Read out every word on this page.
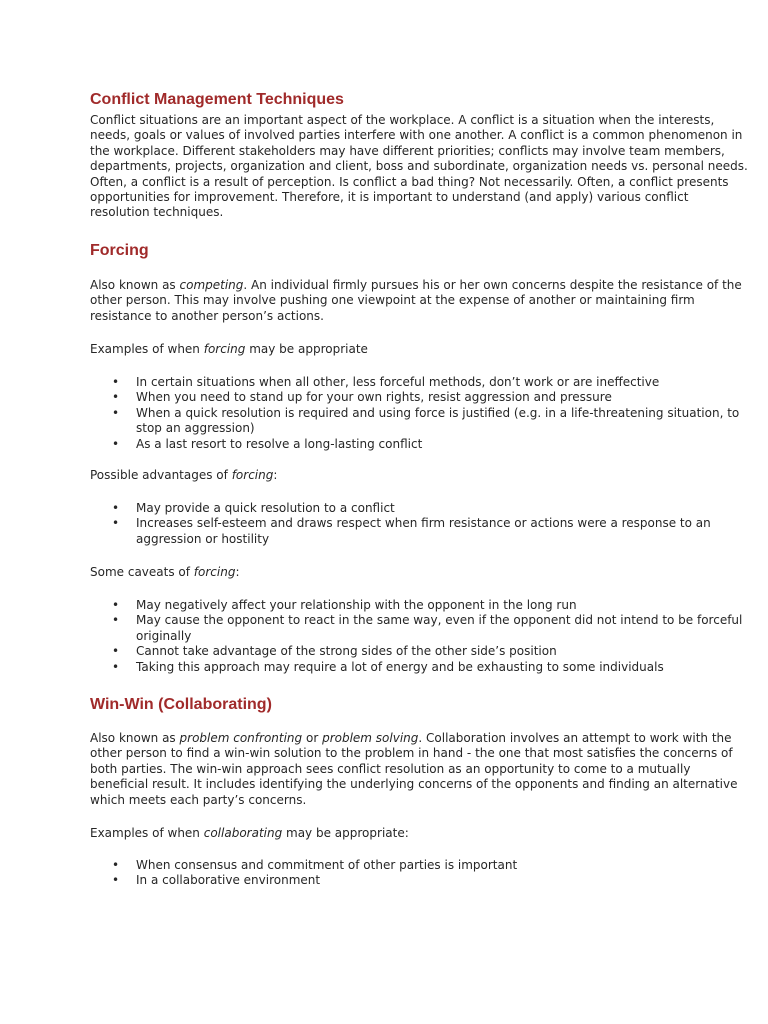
Conflict Management Techniques

Conflict situations are an important aspect of the workplace. A conflict is a situation when the interests, needs, goals or values of involved parties interfere with one another. A conflict is a common phenomenon in the workplace. Different stakeholders may have different priorities; conflicts may involve team members, departments, projects, organization and client, boss and subordinate, organization needs vs. personal needs. Often, a conflict is a result of perception. Is conflict a bad thing? Not necessarily. Often, a conflict presents opportunities for improvement. Therefore, it is important to understand (and apply) various conflict resolution techniques.

Forcing

Also known as competing. An individual firmly pursues his or her own concerns despite the resistance of the other person. This may involve pushing one viewpoint at the expense of another or maintaining firm resistance to another person’s actions.

Examples of when forcing may be appropriate

• In certain situations when all other, less forceful methods, don’t work or are ineffective
• When you need to stand up for your own rights, resist aggression and pressure
• When a quick resolution is required and using force is justified (e.g. in a life-threatening situation, to stop an aggression)
• As a last resort to resolve a long-lasting conflict

Possible advantages of forcing:

• May provide a quick resolution to a conflict
• Increases self-esteem and draws respect when firm resistance or actions were a response to an aggression or hostility

Some caveats of forcing:

• May negatively affect your relationship with the opponent in the long run
• May cause the opponent to react in the same way, even if the opponent did not intend to be forceful originally
• Cannot take advantage of the strong sides of the other side’s position
• Taking this approach may require a lot of energy and be exhausting to some individuals
Win-Win (Collaborating)

Also known as problem confronting or problem solving. Collaboration involves an attempt to work with the other person to find a win-win solution to the problem in hand - the one that most satisfies the concerns of both parties. The win-win approach sees conflict resolution as an opportunity to come to a mutually beneficial result. It includes identifying the underlying concerns of the opponents and finding an alternative which meets each party’s concerns.

Examples of when collaborating may be appropriate:

• When consensus and commitment of other parties is important
• In a collaborative environment
